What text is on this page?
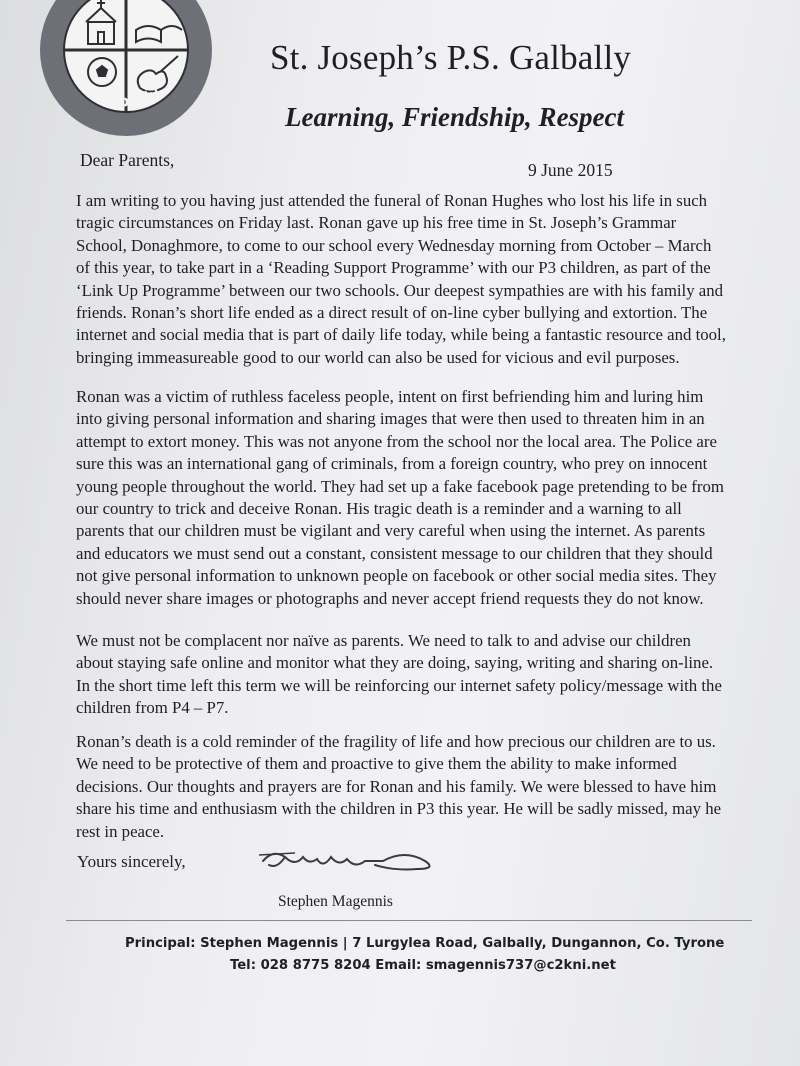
Galbally
St. Joseph’s P.S. Galbally
Learning, Friendship, Respect
Dear Parents,	9 June 2015

I am writing to you having just attended the funeral of Ronan Hughes who lost his life in such
tragic circumstances on Friday last. Ronan gave up his free time in St. Joseph’s Grammar
School, Donaghmore, to come to our school every Wednesday morning from October – March
of this year, to take part in a ‘Reading Support Programme’ with our P3 children, as part of the
‘Link Up Programme’ between our two schools. Our deepest sympathies are with his family and
friends. Ronan’s short life ended as a direct result of on-line cyber bullying and extortion. The
internet and social media that is part of daily life today, while being a fantastic resource and tool,
bringing immeasureable good to our world can also be used for vicious and evil purposes.

Ronan was a victim of ruthless faceless people, intent on first befriending him and luring him
into giving personal information and sharing images that were then used to threaten him in an
attempt to extort money. This was not anyone from the school nor the local area. The Police are
sure this was an international gang of criminals, from a foreign country, who prey on innocent
young people throughout the world. They had set up a fake facebook page pretending to be from
our country to trick and deceive Ronan. His tragic death is a reminder and a warning to all
parents that our children must be vigilant and very careful when using the internet. As parents
and educators we must send out a constant, consistent message to our children that they should
not give personal information to unknown people on facebook or other social media sites. They
should never share images or photographs and never accept friend requests they do not know.

We must not be complacent nor naïve as parents. We need to talk to and advise our children
about staying safe online and monitor what they are doing, saying, writing and sharing on-line.
In the short time left this term we will be reinforcing our internet safety policy/message with the
children from P4 – P7.

Ronan’s death is a cold reminder of the fragility of life and how precious our children are to us.
We need to be protective of them and proactive to give them the ability to make informed
decisions. Our thoughts and prayers are for Ronan and his family. We were blessed to have him
share his time and enthusiasm with the children in P3 this year. He will be sadly missed, may he
rest in peace.

Yours sincerely,
Stephen Magennis
Principal: Stephen Magennis | 7 Lurgylea Road, Galbally, Dungannon, Co. Tyrone
Tel: 028 8775 8204 Email: smagennis737@c2kni.net
